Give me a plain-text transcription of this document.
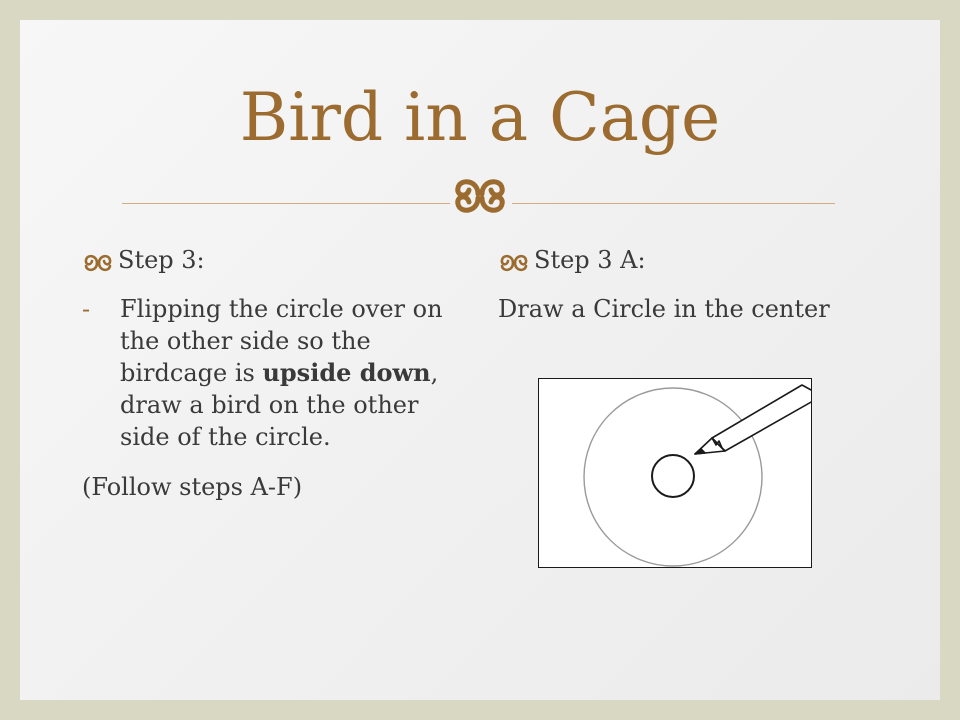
Bird in a Cage
Step 3:
- Flipping the circle over on the other side so the birdcage is upside down, draw a bird on the other side of the circle.
(Follow steps A-F)
Step 3 A:
Draw a Circle in the center
